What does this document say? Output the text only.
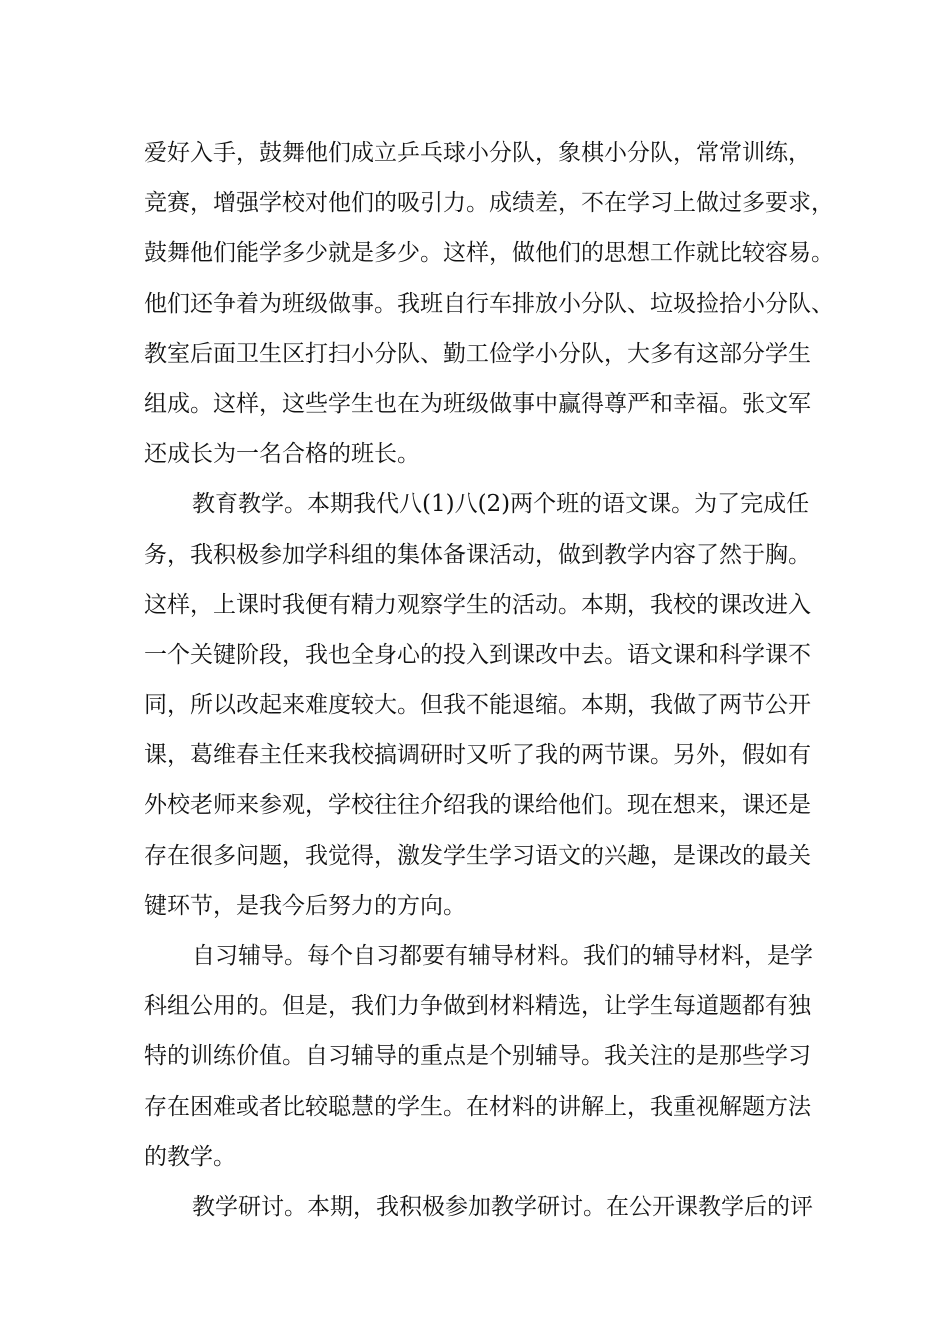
爱好入手，鼓舞他们成立乒乓球小分队，象棋小分队，常常训练，
竞赛，增强学校对他们的吸引力。成绩差，不在学习上做过多要求，
鼓舞他们能学多少就是多少。这样，做他们的思想工作就比较容易。
他们还争着为班级做事。我班自行车排放小分队、垃圾捡拾小分队、
教室后面卫生区打扫小分队、勤工俭学小分队，大多有这部分学生
组成。这样，这些学生也在为班级做事中赢得尊严和幸福。张文军
还成长为一名合格的班长。
教育教学。本期我代八(1)八(2)两个班的语文课。为了完成任
务，我积极参加学科组的集体备课活动，做到教学内容了然于胸。
这样，上课时我便有精力观察学生的活动。本期，我校的课改进入
一个关键阶段，我也全身心的投入到课改中去。语文课和科学课不
同，所以改起来难度较大。但我不能退缩。本期，我做了两节公开
课，葛维春主任来我校搞调研时又听了我的两节课。另外，假如有
外校老师来参观，学校往往介绍我的课给他们。现在想来，课还是
存在很多问题，我觉得，激发学生学习语文的兴趣，是课改的最关
键环节，是我今后努力的方向。
自习辅导。每个自习都要有辅导材料。我们的辅导材料，是学
科组公用的。但是，我们力争做到材料精选，让学生每道题都有独
特的训练价值。自习辅导的重点是个别辅导。我关注的是那些学习
存在困难或者比较聪慧的学生。在材料的讲解上，我重视解题方法
的教学。
教学研讨。本期，我积极参加教学研讨。在公开课教学后的评
